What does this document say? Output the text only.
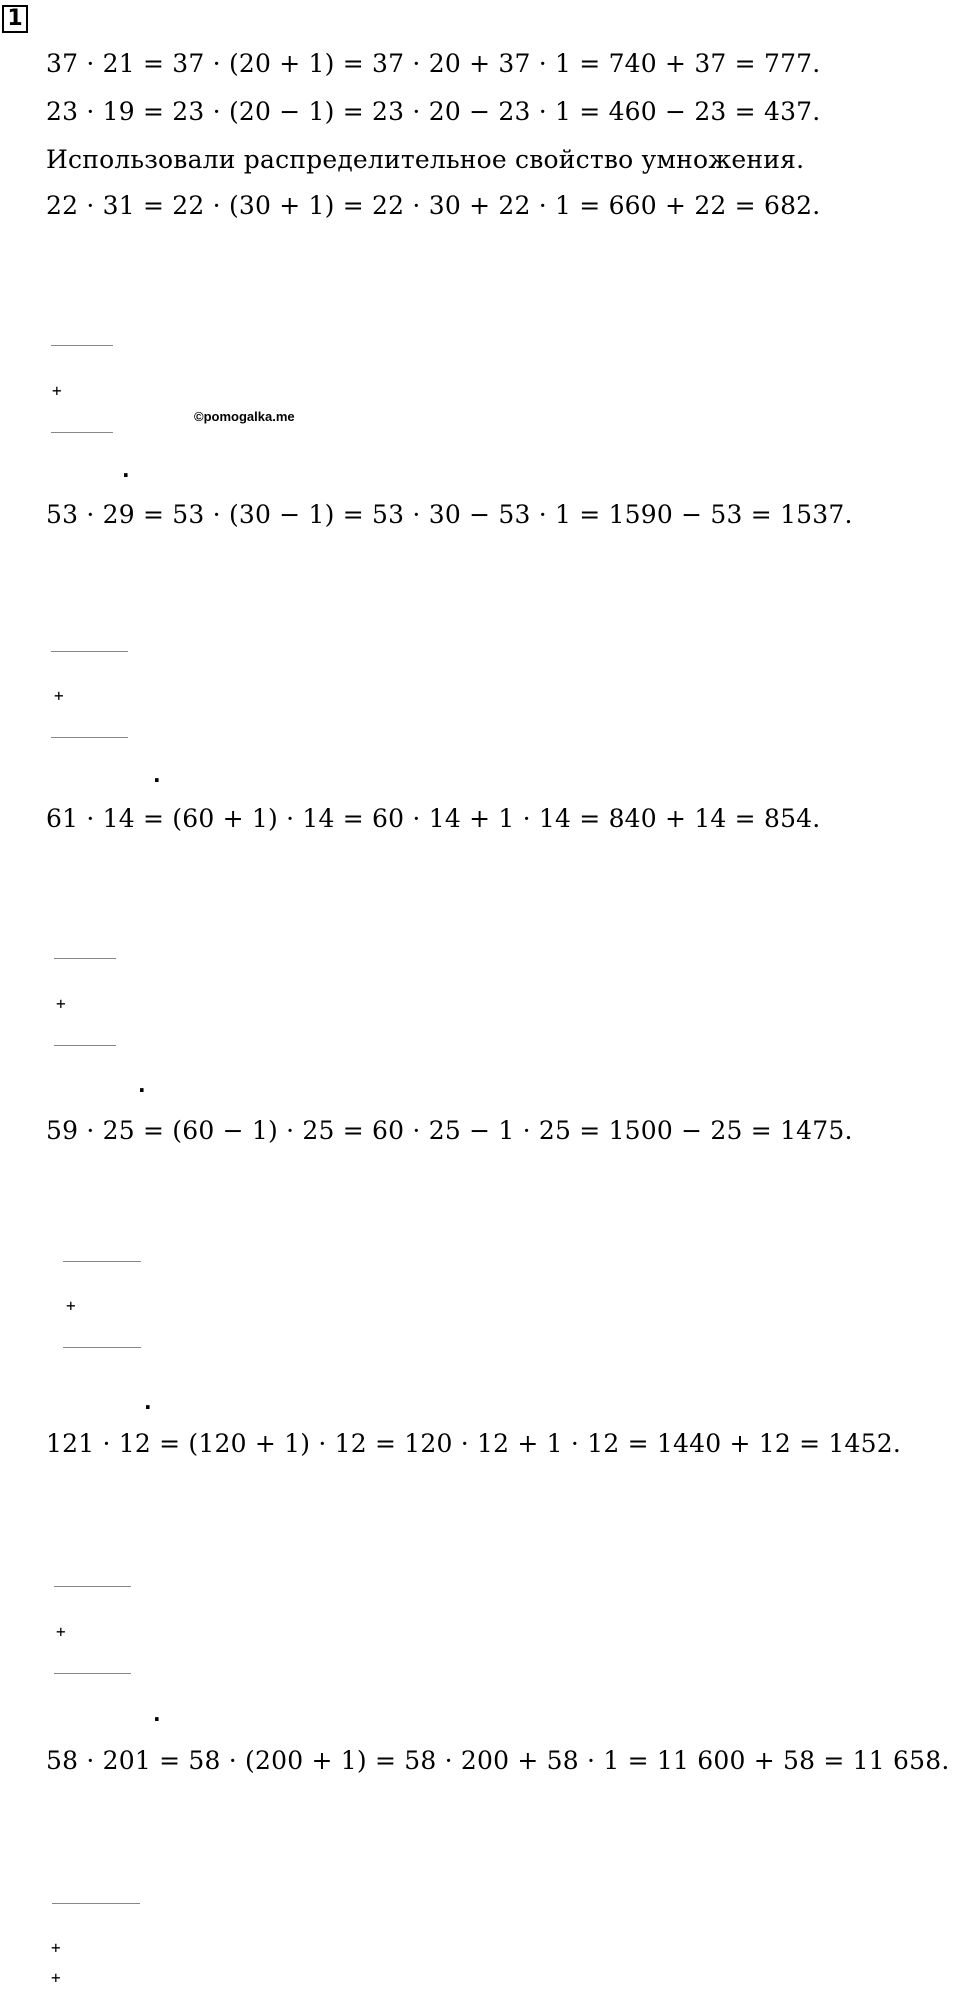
1
37 · 21 = 37 · (20 + 1) = 37 · 20 + 37 · 1 = 740 + 37 = 777.
23 · 19 = 23 · (20 − 1) = 23 · 20 − 23 · 1 = 460 − 23 = 437.
Использовали распределительное свойство умножения.
22 · 31 = 22 · (30 + 1) = 22 · 30 + 22 · 1 = 660 + 22 = 682.
+
.
©pomogalka.me
53 · 29 = 53 · (30 − 1) = 53 · 30 − 53 · 1 = 1590 − 53 = 1537.
+
.
61 · 14 = (60 + 1) · 14 = 60 · 14 + 1 · 14 = 840 + 14 = 854.
+
.
59 · 25 = (60 − 1) · 25 = 60 · 25 − 1 · 25 = 1500 − 25 = 1475.
+
.
121 · 12 = (120 + 1) · 12 = 120 · 12 + 1 · 12 = 1440 + 12 = 1452.
+
.
58 · 201 = 58 · (200 + 1) = 58 · 200 + 58 · 1 = 11 600 + 58 = 11 658.
+
+
